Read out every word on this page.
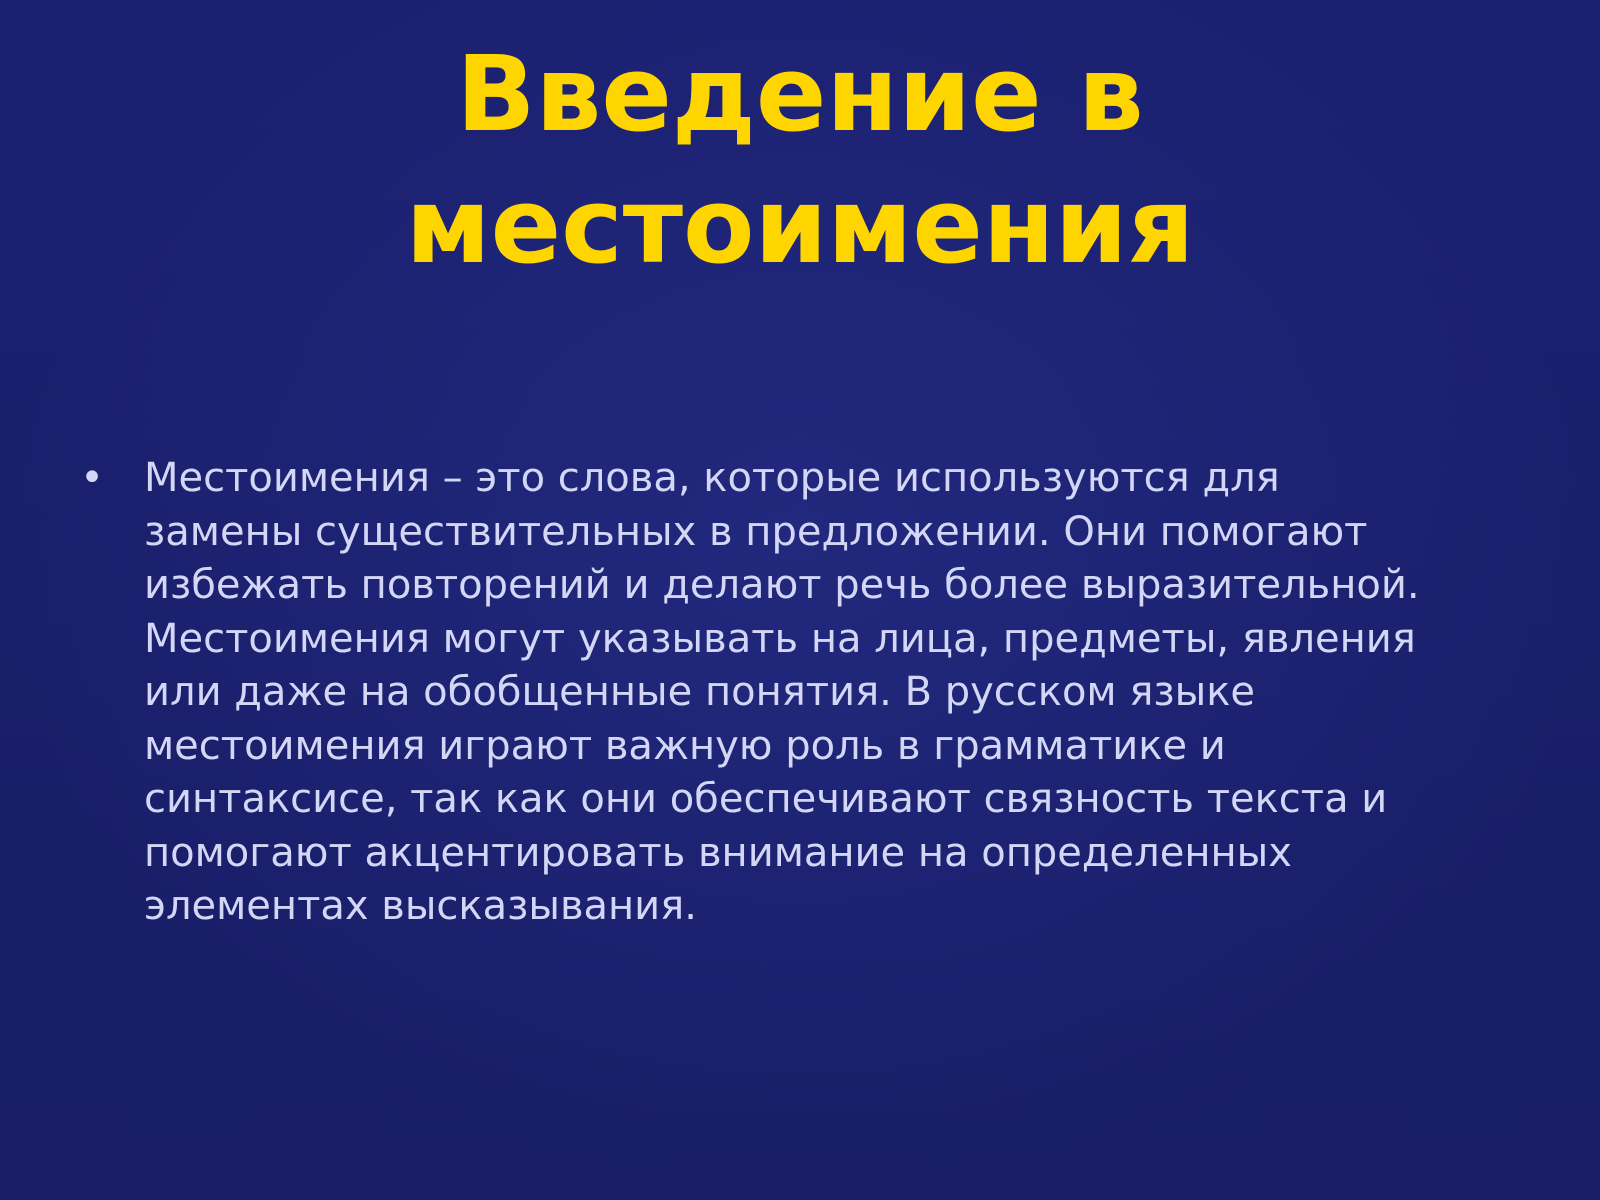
Введение в
местоимения
• Местоимения – это слова, которые используются для замены существительных в предложении. Они помогают избежать повторений и делают речь более выразительной. Местоимения могут указывать на лица, предметы, явления или даже на обобщенные понятия. В русском языке местоимения играют важную роль в грамматике и синтаксисе, так как они обеспечивают связность текста и помогают акцентировать внимание на определенных элементах высказывания.
